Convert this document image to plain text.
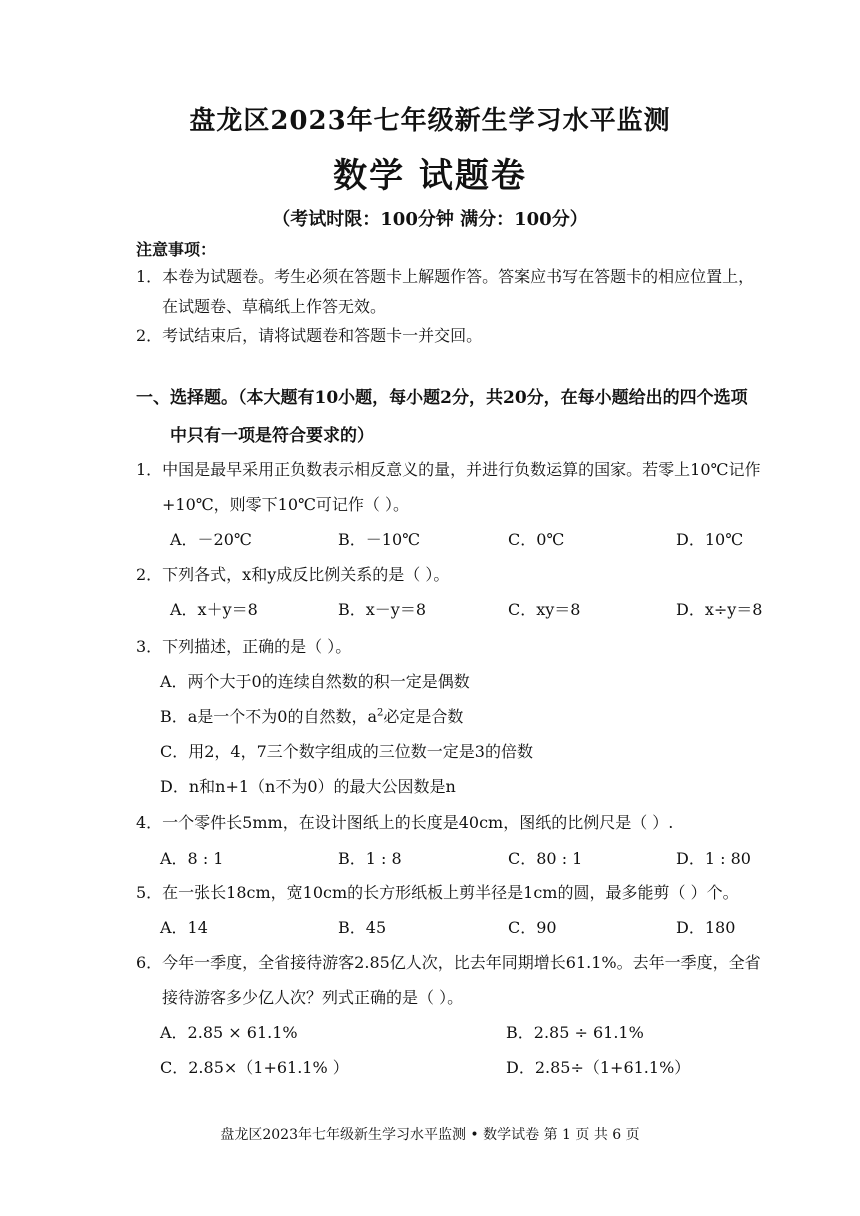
盘龙区2023年七年级新生学习水平监测
数学 试题卷
（考试时限：100分钟 满分：100分）
注意事项：
1．本卷为试题卷。考生必须在答题卡上解题作答。答案应书写在答题卡的相应位置上，
在试题卷、草稿纸上作答无效。
2．考试结束后，请将试题卷和答题卡一并交回。
一、选择题。（本大题有10小题，每小题2分，共20分，在每小题给出的四个选项
中只有一项是符合要求的）
1．中国是最早采用正负数表示相反意义的量，并进行负数运算的国家。若零上10℃记作
+10℃，则零下10℃可记作（ ）。
A．－20℃	B．－10℃	C．0℃	D．10℃
2．下列各式，x和y成反比例关系的是（ ）。
A．x＋y＝8	B．x－y＝8	C．xy＝8	D．x÷y＝8
3．下列描述，正确的是（ ）。
A．两个大于0的连续自然数的积一定是偶数
B．a是一个不为0的自然数，$a^2$必定是合数
C．用2，4，7三个数字组成的三位数一定是3的倍数
D．n和n+1（n不为0）的最大公因数是n
4．一个零件长5mm，在设计图纸上的长度是40cm，图纸的比例尺是（ ）.
A．8 : 1	B．1 : 8	C．80 : 1	D．1 : 80
5．在一张长18cm，宽10cm的长方形纸板上剪半径是1cm的圆，最多能剪（ ）个。
A．14	B．45	C．90	D．180
6．今年一季度，全省接待游客2.85亿人次，比去年同期增长61.1%。去年一季度，全省
接待游客多少亿人次？列式正确的是（ ）。
A．2.85 × 61.1%	B．2.85 ÷ 61.1%
C．2.85×（1+61.1% ）	D．2.85÷（1+61.1%）
盘龙区2023年七年级新生学习水平监测 • 数学试卷 第 1 页 共 6 页
